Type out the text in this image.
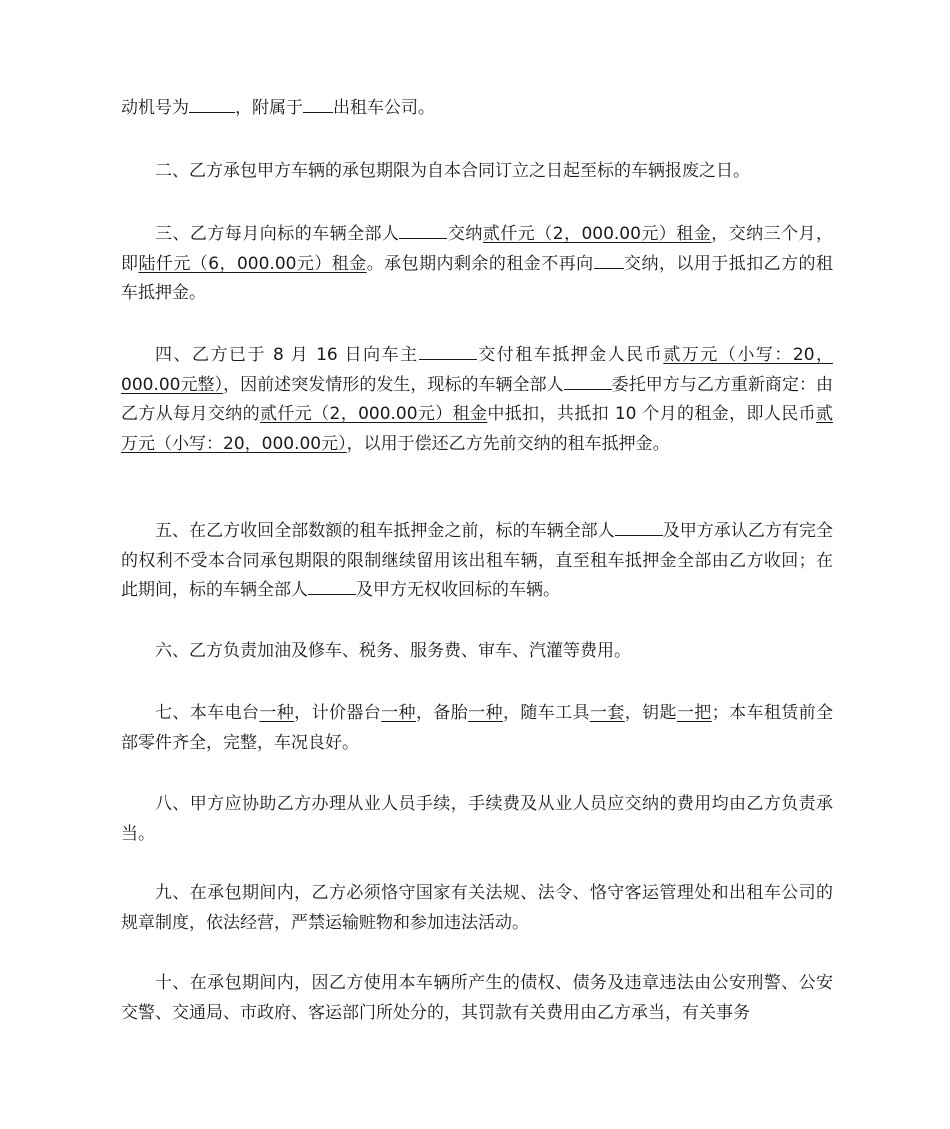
动机号为	，附属于 出租车公司。

二、乙方承包甲方车辆的承包期限为自本合同订立之日起至标的车辆报废之日。

三、乙方每月向标的车辆全部人	交纳贰仟元（2，000.00元）租金，交纳三个月，即陆仟元（6，000.00元）租金。承包期内剩余的租金不再向 交纳，以用于抵扣乙方的租车抵押金。

四、乙方已于 8 月 16 日向车主	交付租车抵押金人民币贰万元（小写：20，000.00元整），因前述突发情形的发生，现标的车辆全部人	委托甲方与乙方重新商定：由乙方从每月交纳的贰仟元（2，000.00元）租金中抵扣，共抵扣 10 个月的租金，即人民币贰万元（小写：20，000.00元），以用于偿还乙方先前交纳的租车抵押金。

五、在乙方收回全部数额的租车抵押金之前，标的车辆全部人	及甲方承认乙方有完全的权利不受本合同承包期限的限制继续留用该出租车辆，直至租车抵押金全部由乙方收回；在此期间，标的车辆全部人	及甲方无权收回标的车辆。

六、乙方负责加油及修车、税务、服务费、审车、汽灌等费用。

七、本车电台一种，计价器台一种，备胎一种，随车工具一套，钥匙一把；本车租赁前全部零件齐全，完整，车况良好。

八、甲方应协助乙方办理从业人员手续，手续费及从业人员应交纳的费用均由乙方负责承当。

九、在承包期间内，乙方必须恪守国家有关法规、法令、恪守客运管理处和出租车公司的规章制度，依法经营，严禁运输赃物和参加违法活动。

十、在承包期间内，因乙方使用本车辆所产生的债权、债务及违章违法由公安刑警、公安交警、交通局、市政府、客运部门所处分的，其罚款有关费用由乙方承当，有关事务
